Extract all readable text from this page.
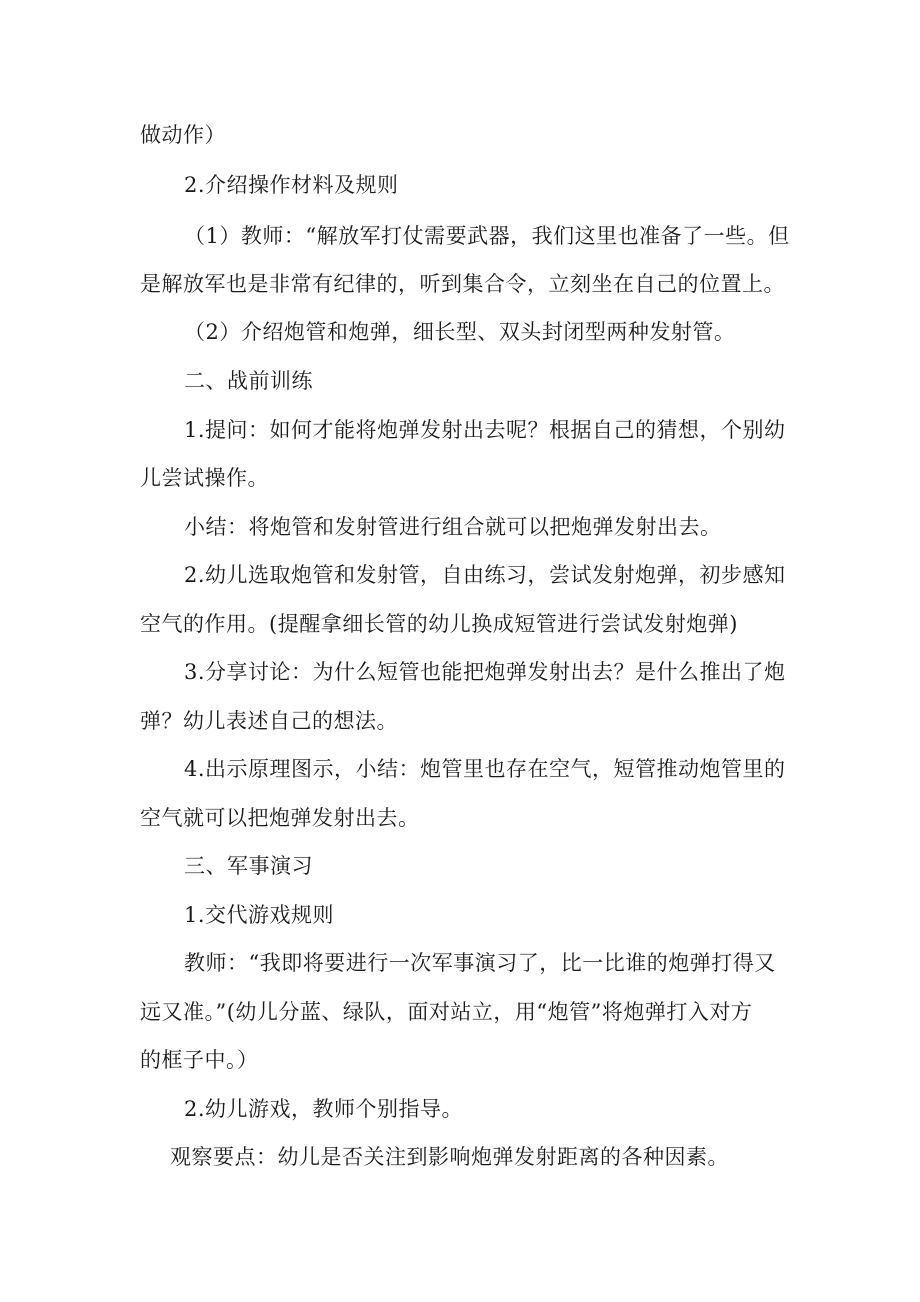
做动作）
2.介绍操作材料及规则
（1）教师：“解放军打仗需要武器，我们这里也准备了一些。但
是解放军也是非常有纪律的，听到集合令，立刻坐在自己的位置上。
（2）介绍炮管和炮弹，细长型、双头封闭型两种发射管。
二、战前训练
1.提问：如何才能将炮弹发射出去呢？根据自己的猜想，个别幼
儿尝试操作。
小结：将炮管和发射管进行组合就可以把炮弹发射出去。
2.幼儿选取炮管和发射管，自由练习，尝试发射炮弹，初步感知
空气的作用。(提醒拿细长管的幼儿换成短管进行尝试发射炮弹)
3.分享讨论：为什么短管也能把炮弹发射出去？是什么推出了炮
弹？幼儿表述自己的想法。
4.出示原理图示，小结：炮管里也存在空气，短管推动炮管里的
空气就可以把炮弹发射出去。
三、军事演习
1.交代游戏规则
教师：“我即将要进行一次军事演习了，比一比谁的炮弹打得又
远又准。”(幼儿分蓝、绿队，面对站立，用“炮管”将炮弹打入对方
的框子中。）
2.幼儿游戏，教师个别指导。
观察要点：幼儿是否关注到影响炮弹发射距离的各种因素。
